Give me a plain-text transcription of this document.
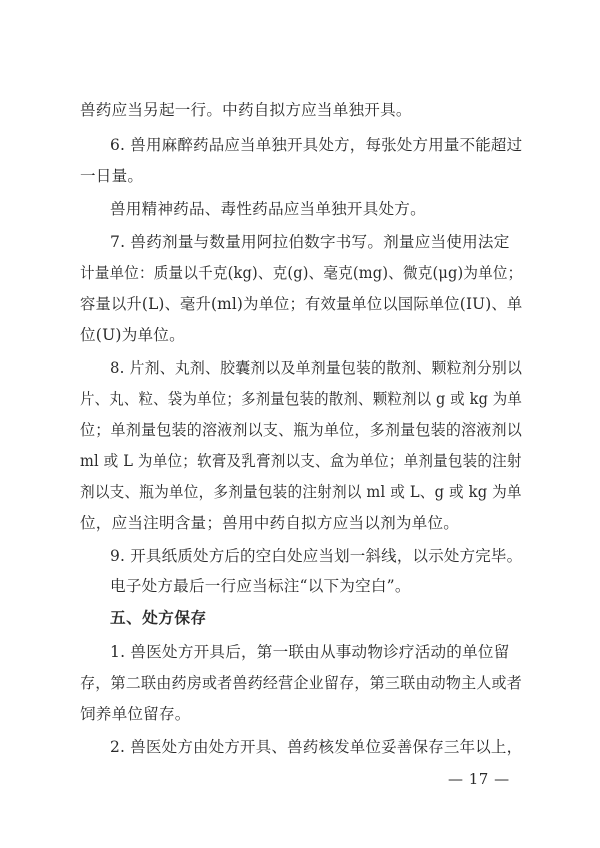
兽药应当另起一行。中药自拟方应当单独开具。
6. 兽用麻醉药品应当单独开具处方，每张处方用量不能超过
一日量。
兽用精神药品、毒性药品应当单独开具处方。
7. 兽药剂量与数量用阿拉伯数字书写。剂量应当使用法定
计量单位：质量以千克(kg)、克(g)、毫克(mg)、微克(μg)为单位；
容量以升(L)、毫升(ml)为单位；有效量单位以国际单位(IU)、单
位(U)为单位。
8. 片剂、丸剂、胶囊剂以及单剂量包装的散剂、颗粒剂分别以
片、丸、粒、袋为单位；多剂量包装的散剂、颗粒剂以 g 或 kg 为单
位；单剂量包装的溶液剂以支、瓶为单位，多剂量包装的溶液剂以
ml 或 L 为单位；软膏及乳膏剂以支、盒为单位；单剂量包装的注射
剂以支、瓶为单位，多剂量包装的注射剂以 ml 或 L、g 或 kg 为单
位，应当注明含量；兽用中药自拟方应当以剂为单位。
9. 开具纸质处方后的空白处应当划一斜线，以示处方完毕。
电子处方最后一行应当标注“以下为空白”。
五、处方保存
1. 兽医处方开具后，第一联由从事动物诊疗活动的单位留
存，第二联由药房或者兽药经营企业留存，第三联由动物主人或者
饲养单位留存。
2. 兽医处方由处方开具、兽药核发单位妥善保存三年以上，
— 17 —
